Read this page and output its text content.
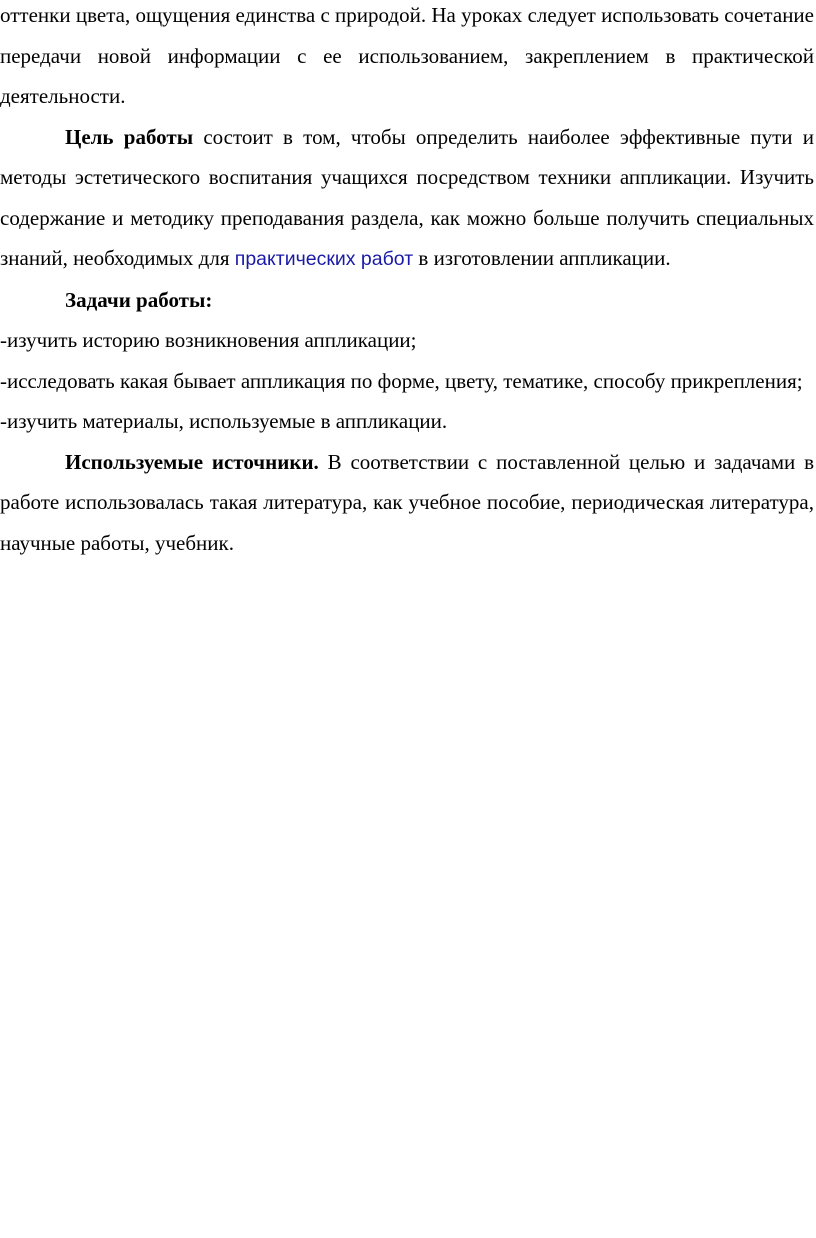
оттенки цвета, ощущения единства с природой. На уроках следует использовать сочетание передачи новой информации с ее использованием, закреплением в практической деятельности.

Цель работы состоит в том, чтобы определить наиболее эффективные пути и методы эстетического воспитания учащихся посредством техники аппликации. Изучить содержание и методику преподавания раздела, как можно больше получить специальных знаний, необходимых для практических работ в изготовлении аппликации.

Задачи работы:

-изучить историю возникновения аппликации;

-исследовать какая бывает аппликация по форме, цвету, тематике, способу прикрепления;

-изучить материалы, используемые в аппликации.

Используемые источники. В соответствии с поставленной целью и задачами в работе использовалась такая литература, как учебное пособие, периодическая литература, научные работы, учебник.
